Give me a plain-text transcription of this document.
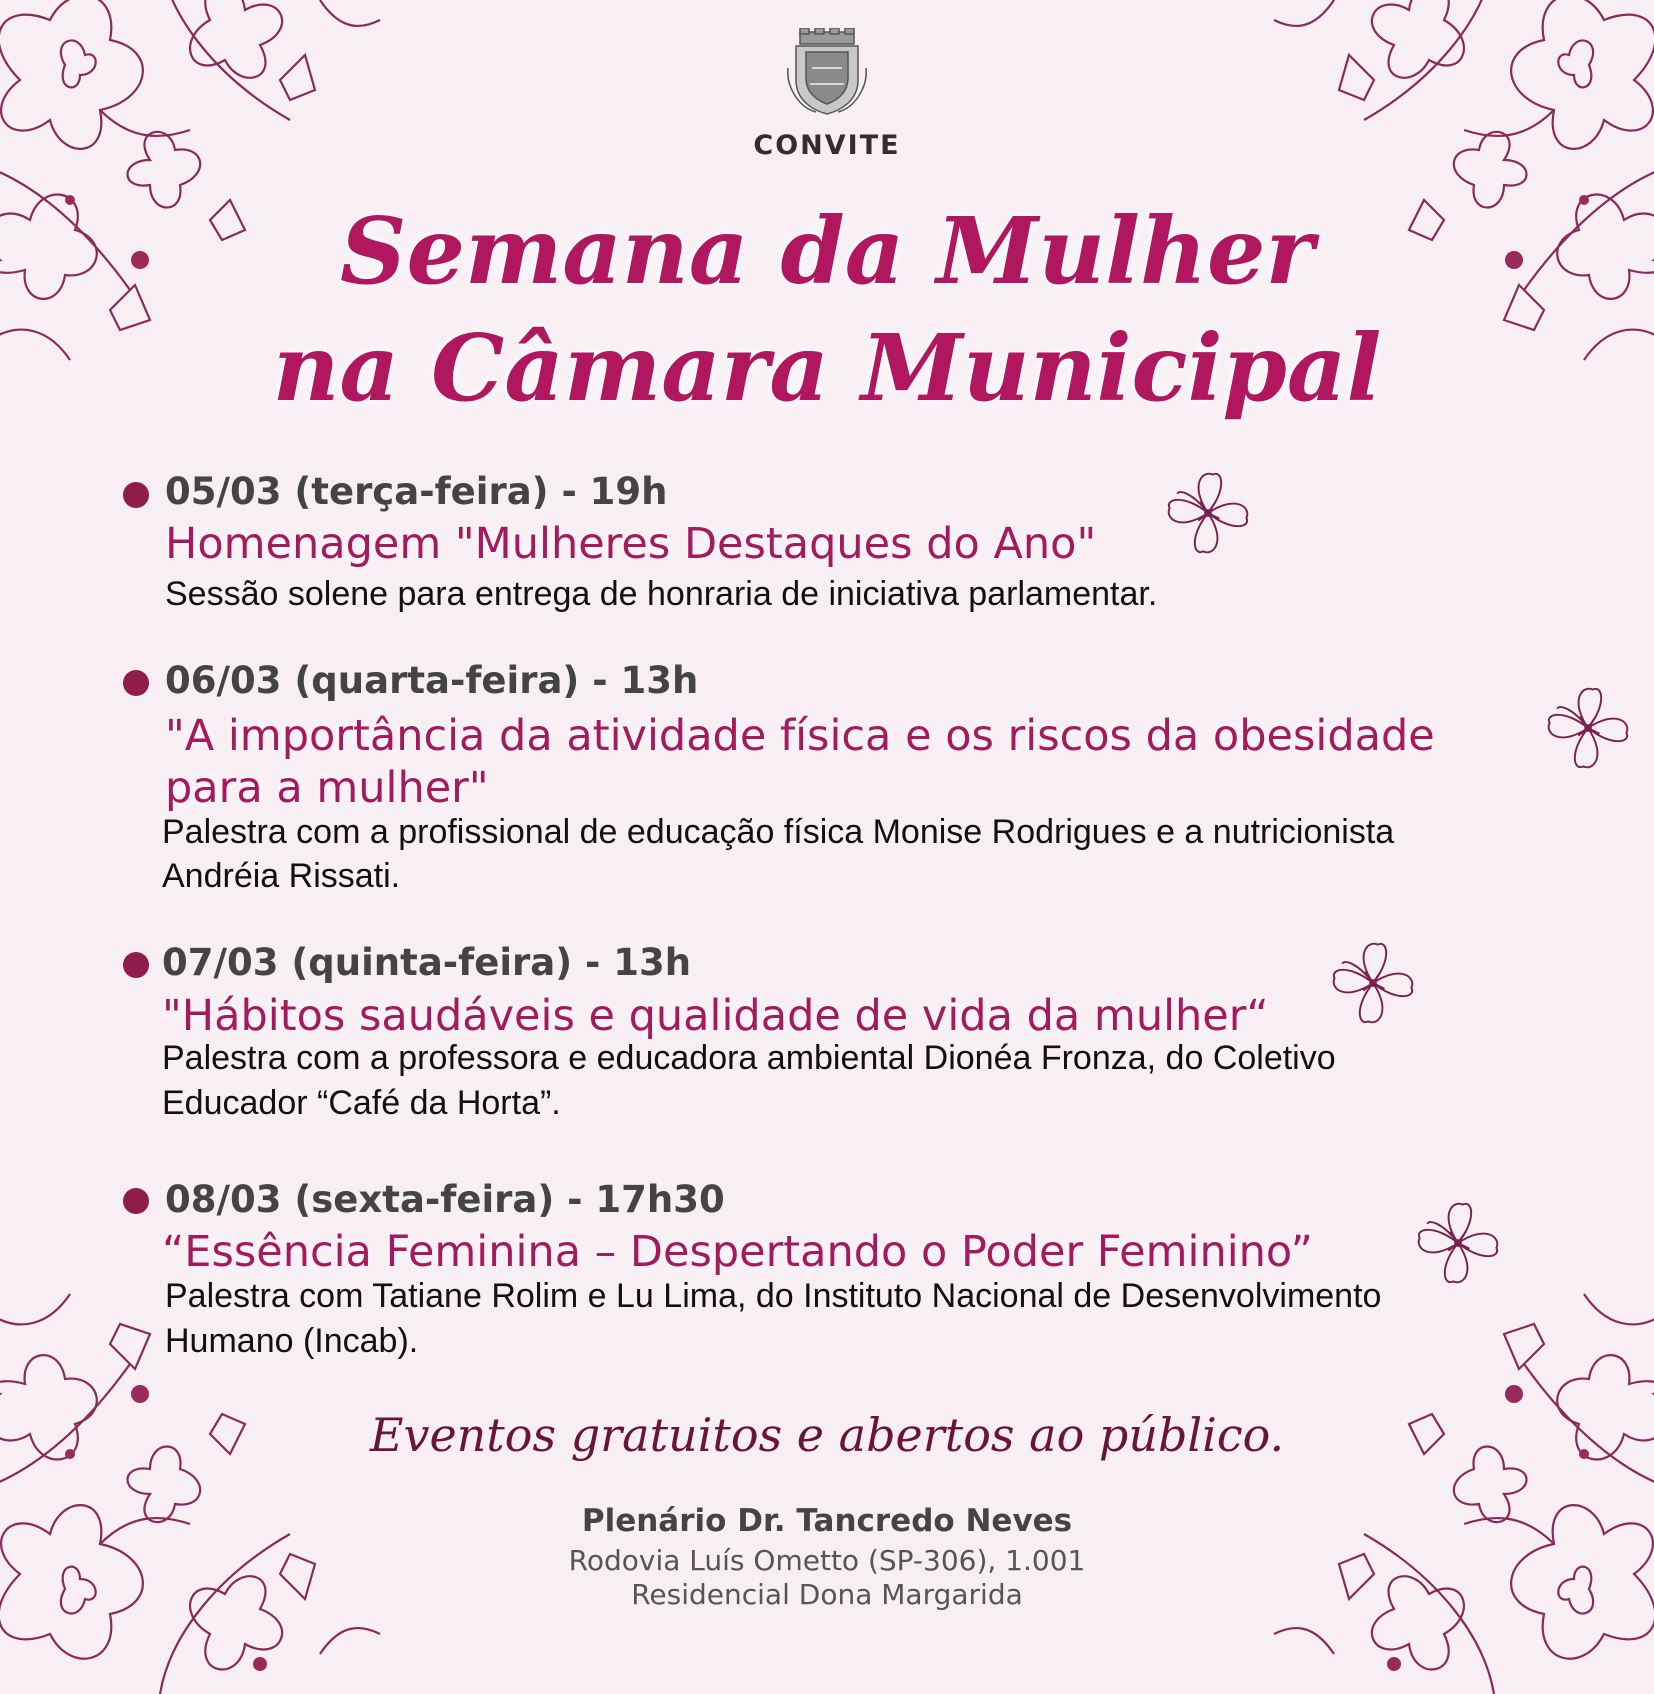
CONVITE
Semana da Mulher
na Câmara Municipal
05/03 (terça-feira) - 19h
Homenagem "Mulheres Destaques do Ano"
Sessão solene para entrega de honraria de iniciativa parlamentar.
06/03 (quarta-feira) - 13h
"A importância da atividade física e os riscos da obesidade
para a mulher"
Palestra com a profissional de educação física Monise Rodrigues e a nutricionista
Andréia Rissati.
07/03 (quinta-feira) - 13h
"Hábitos saudáveis e qualidade de vida da mulher“
Palestra com a professora e educadora ambiental Dionéa Fronza, do Coletivo
Educador “Café da Horta”.
08/03 (sexta-feira) - 17h30
“Essência Feminina – Despertando o Poder Feminino”
Palestra com Tatiane Rolim e Lu Lima, do Instituto Nacional de Desenvolvimento
Humano (Incab).
Eventos gratuitos e abertos ao público.
Plenário Dr. Tancredo Neves
Rodovia Luís Ometto (SP-306), 1.001
Residencial Dona Margarida
